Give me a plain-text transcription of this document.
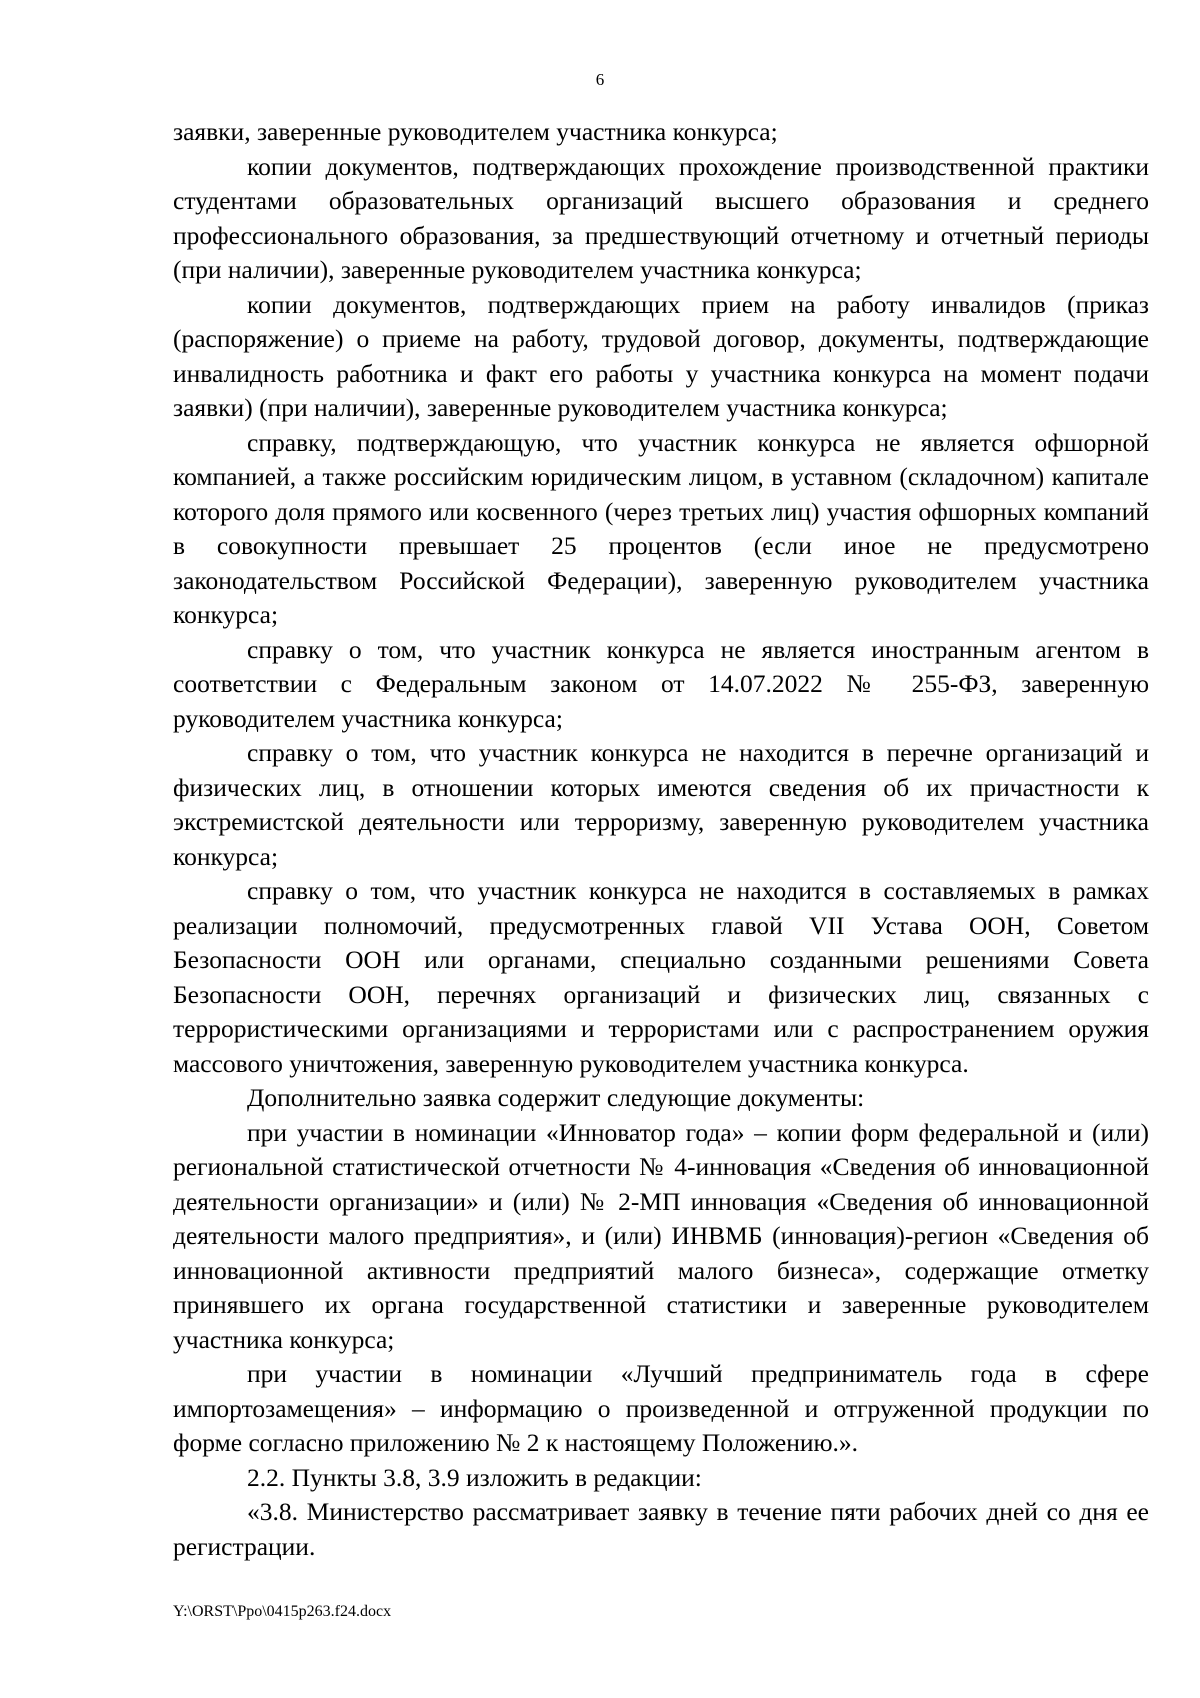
6

заявки, заверенные руководителем участника конкурса;

копии документов, подтверждающих прохождение производственной практики студентами образовательных организаций высшего образования и среднего профессионального образования, за предшествующий отчетному и отчетный периоды (при наличии), заверенные руководителем участника конкурса;

копии документов, подтверждающих прием на работу инвалидов (приказ (распоряжение) о приеме на работу, трудовой договор, документы, подтверждающие инвалидность работника и факт его работы у участника конкурса на момент подачи заявки) (при наличии), заверенные руководителем участника конкурса;

справку, подтверждающую, что участник конкурса не является офшорной компанией, а также российским юридическим лицом, в уставном (складочном) капитале которого доля прямого или косвенного (через третьих лиц) участия офшорных компаний в совокупности превышает 25 процентов (если иное не предусмотрено законодательством Российской Федерации), заверенную руководителем участника конкурса;

справку о том, что участник конкурса не является иностранным агентом в соответствии с Федеральным законом от 14.07.2022 № 255-ФЗ, заверенную руководителем участника конкурса;

справку о том, что участник конкурса не находится в перечне организаций и физических лиц, в отношении которых имеются сведения об их причастности к экстремистской деятельности или терроризму, заверенную руководителем участника конкурса;

справку о том, что участник конкурса не находится в составляемых в рамках реализации полномочий, предусмотренных главой VII Устава ООН, Советом Безопасности ООН или органами, специально созданными решениями Совета Безопасности ООН, перечнях организаций и физических лиц, связанных с террористическими организациями и террористами или с распространением оружия массового уничтожения, заверенную руководителем участника конкурса.

Дополнительно заявка содержит следующие документы:

при участии в номинации «Инноватор года» – копии форм федеральной и (или) региональной статистической отчетности № 4-инновация «Сведения об инновационной деятельности организации» и (или) № 2-МП инновация «Сведения об инновационной деятельности малого предприятия», и (или) ИНВМБ (инновация)-регион «Сведения об инновационной активности предприятий малого бизнеса», содержащие отметку принявшего их органа государственной статистики и заверенные руководителем участника конкурса;

при участии в номинации «Лучший предприниматель года в сфере импортозамещения» – информацию о произведенной и отгруженной продукции по форме согласно приложению № 2 к настоящему Положению.».

2.2. Пункты 3.8, 3.9 изложить в редакции:

«3.8. Министерство рассматривает заявку в течение пяти рабочих дней со дня ее регистрации.

Y:\ORST\Ppo\0415p263.f24.docx
